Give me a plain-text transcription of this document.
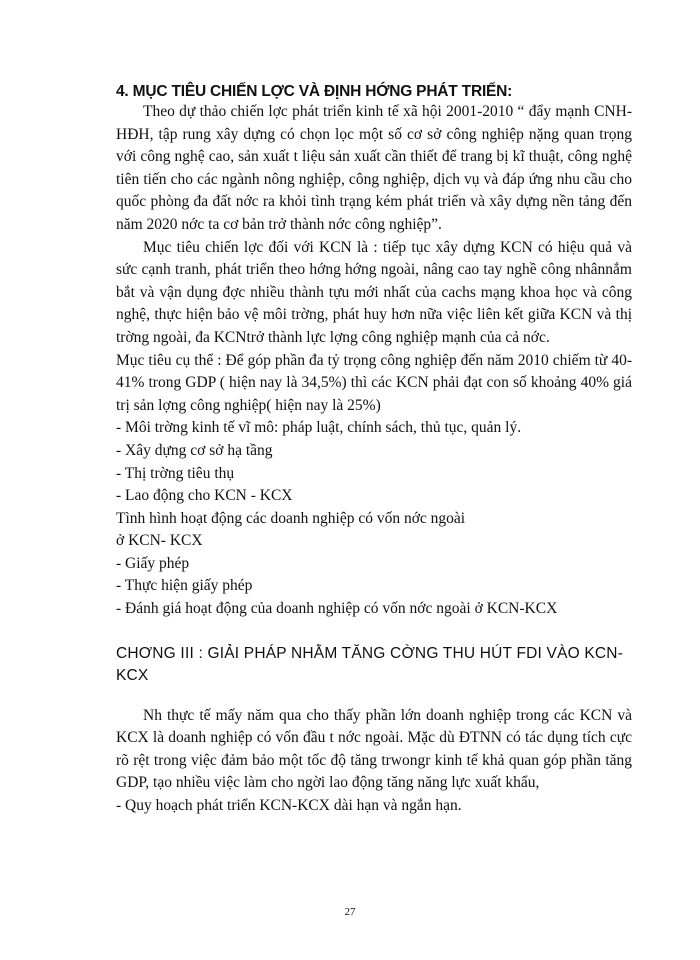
4. MỤC TIÊU CHIẾN LỢC VÀ ĐỊNH HỚNG PHÁT TRIỂN:

Theo dự thảo chiến lợc phát triển kinh tế xã hội 2001-2010 “ đẩy mạnh CNH-HĐH, tập rung xây dựng có chọn lọc một số cơ sở công nghiệp nặng quan trọng với công nghệ cao, sản xuất t liệu sản xuất cần thiết để trang bị kĩ thuật, công nghệ tiên tiến cho các ngành nông nghiệp, công nghiệp, dịch vụ và đáp ứng nhu cầu cho quốc phòng đa đất nớc ra khỏi tình trạng kém phát triển và xây dựng nền tảng đến năm 2020 nớc ta cơ bản trở thành nớc công nghiệp”.

Mục tiêu chiến lợc đối với KCN là : tiếp tục xây dựng KCN có hiệu quả và sức cạnh tranh, phát triển theo hớng hớng ngoài, nâng cao tay nghề công nhânnắm bắt và vận dụng đợc nhiều thành tựu mới nhất của cachs mạng khoa học và công nghệ, thực hiện bảo vệ môi trờng, phát huy hơn nữa việc liên kết giữa KCN và thị trờng ngoài, đa KCNtrở thành lực lợng công nghiệp mạnh của cả nớc.

Mục tiêu cụ thể : Để góp phần đa tỷ trọng công nghiệp đến năm 2010 chiếm từ 40-41% trong GDP ( hiện nay là 34,5%) thì các KCN phải đạt con số khoảng 40% giá trị sản lợng công nghiệp( hiện nay là 25%)

- Môi trờng kinh tế vĩ mô: pháp luật, chính sách, thủ tục, quản lý.

- Xây dựng cơ sở hạ tầng

- Thị trờng tiêu thụ

- Lao động cho KCN - KCX

Tình hình hoạt động các doanh nghiệp có vốn nớc ngoài

ở KCN- KCX

- Giấy phép

- Thực hiện giấy phép

- Đánh giá hoạt động của doanh nghiệp có vốn nớc ngoài ở KCN-KCX

CHƠNG III : GIẢI PHÁP NHẰM TĂNG CỜNG THU HÚT FDI VÀO KCN- KCX

Nh thực tế mấy năm qua cho thấy phần lớn doanh nghiệp trong các KCN và KCX là doanh nghiệp có vốn đầu t nớc ngoài. Mặc dù ĐTNN có tác dụng tích cực rõ rệt trong việc đảm bảo một tốc độ tăng trwongr kinh tế khả quan góp phần tăng GDP, tạo nhiều việc làm cho ngời lao động tăng năng lực xuất khẩu,

- Quy hoạch phát triển KCN-KCX dài hạn và ngắn hạn.

27
